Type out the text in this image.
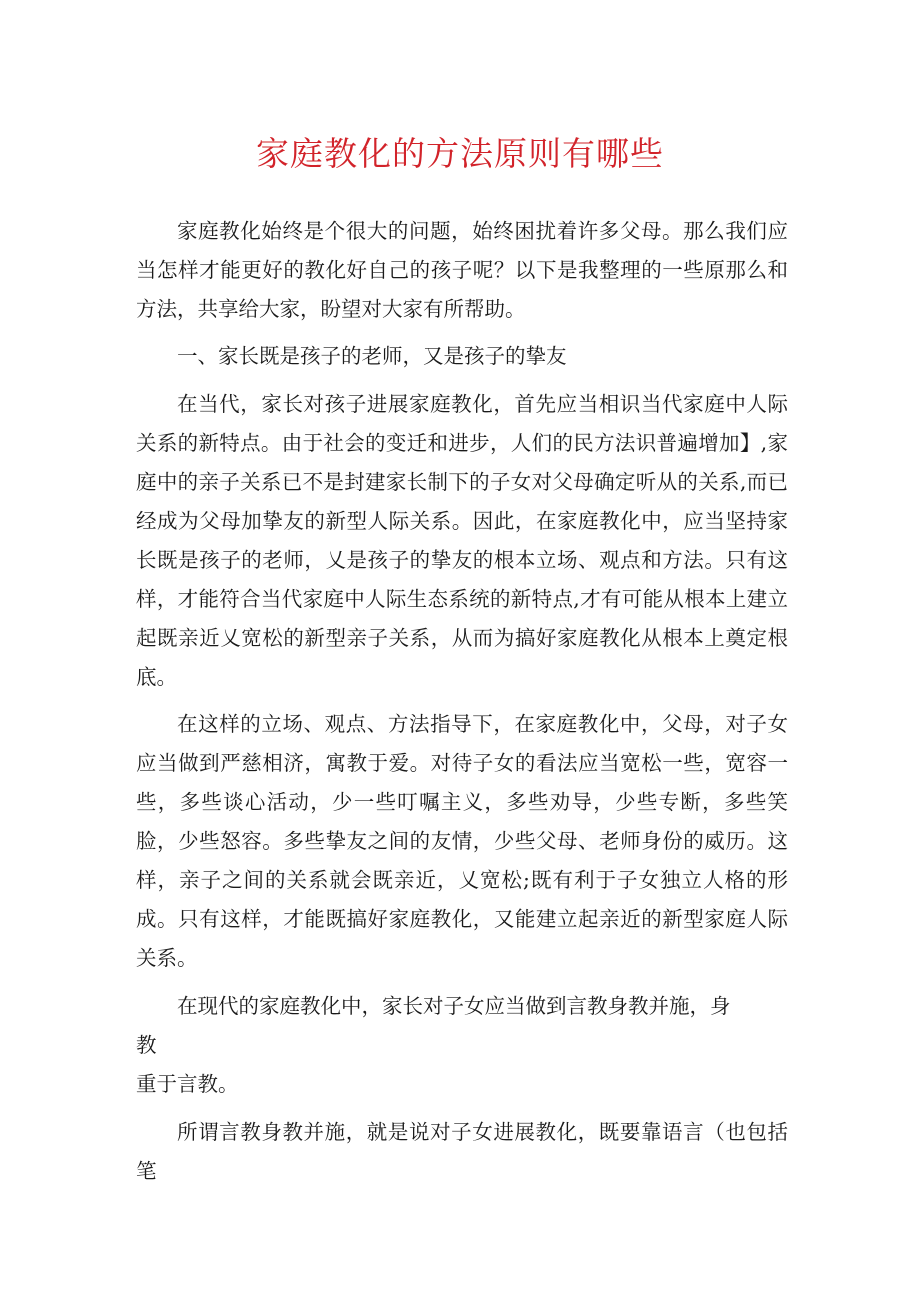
家庭教化的方法原则有哪些

家庭教化始终是个很大的问题，始终困扰着许多父母。那么我们应当怎样才能更好的教化好自己的孩子呢？以下是我整理的一些原那么和方法，共享给大家，盼望对大家有所帮助。

一、家长既是孩子的老师，又是孩子的挚友

在当代，家长对孩子进展家庭教化，首先应当相识当代家庭中人际关系的新特点。由于社会的变迁和进步，人们的民方法识普遍增加】,家庭中的亲子关系已不是封建家长制下的子女对父母确定听从的关系,而已经成为父母加挚友的新型人际关系。因此，在家庭教化中，应当坚持家长既是孩子的老师，乂是孩子的挚友的根本立场、观点和方法。只有这样，才能符合当代家庭中人际生态系统的新特点,才有可能从根本上建立起既亲近乂宽松的新型亲子关系，从而为搞好家庭教化从根本上奠定根底。

在这样的立场、观点、方法指导下，在家庭教化中，父母，对子女应当做到严慈相济，寓教于爱。对待子女的看法应当宽松一些，宽容一些，多些谈心活动，少一些叮嘱主义，多些劝导，少些专断，多些笑脸，少些怒容。多些挚友之间的友情，少些父母、老师身份的威历。这样，亲子之间的关系就会既亲近，乂宽松;既有利于子女独立人格的形成。只有这样，才能既搞好家庭教化，又能建立起亲近的新型家庭人际关系。

在现代的家庭教化中，家长对子女应当做到言教身教并施，身教

重于言教。

所谓言教身教并施，就是说对子女进展教化，既要靠语言（也包括笔
